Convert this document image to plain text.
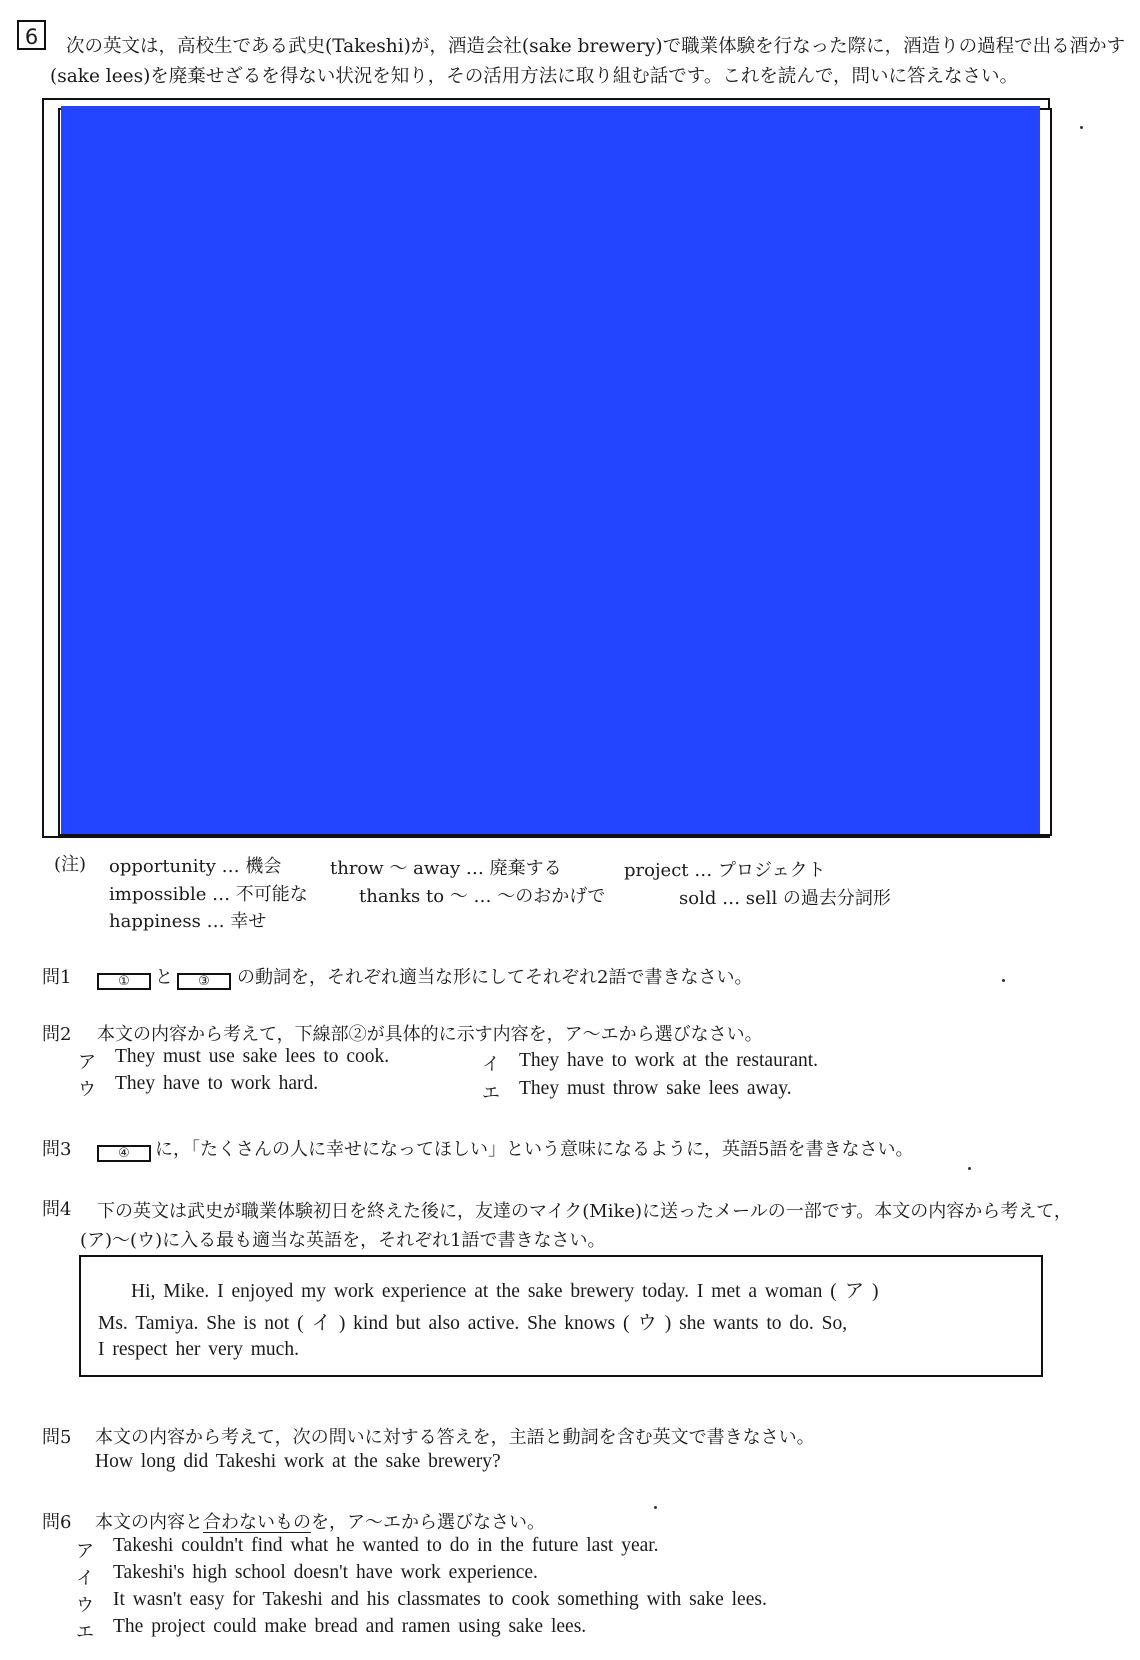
6	次の英文は，高校生である武史(Takeshi)が，酒造会社(sake brewery)で職業体験を行なった際に，酒造りの過程で出る酒かす
(sake lees)を廃棄せざるを得ない状況を知り，その活用方法に取り組む話です。これを読んで，問いに答えなさい。
(注) opportunity … 機会	throw 〜 away … 廃棄する	project … プロジェクト
impossible … 不可能な	thanks to 〜 … 〜のおかげで	sold … sell の過去分詞形
happiness … 幸せ
問1	① と ③ の動詞を，それぞれ適当な形にしてそれぞれ2語で書きなさい。
問2 本文の内容から考えて，下線部②が具体的に示す内容を，ア〜エから選びなさい。
ア They must use sake lees to cook.	イ They have to work at the restaurant.
ウ They have to work hard.	エ They must throw sake lees away.
問3	④ に，「たくさんの人に幸せになってほしい」という意味になるように，英語5語を書きなさい。
問4 下の英文は武史が職業体験初日を終えた後に，友達のマイク(Mike)に送ったメールの一部です。本文の内容から考えて，
(ア)〜(ウ)に入る最も適当な英語を，それぞれ1語で書きなさい。
Hi, Mike. I enjoyed my work experience at the sake brewery today. I met a woman ( ア )
Ms. Tamiya. She is not ( イ ) kind but also active. She knows ( ウ ) she wants to do. So,
I respect her very much.
問5 本文の内容から考えて，次の問いに対する答えを，主語と動詞を含む英文で書きなさい。
How long did Takeshi work at the sake brewery?
問6 本文の内容と合わないものを，ア〜エから選びなさい。
ア Takeshi couldn't find what he wanted to do in the future last year.
イ Takeshi's high school doesn't have work experience.
ウ It wasn't easy for Takeshi and his classmates to cook something with sake lees.
エ The project could make bread and ramen using sake lees.
